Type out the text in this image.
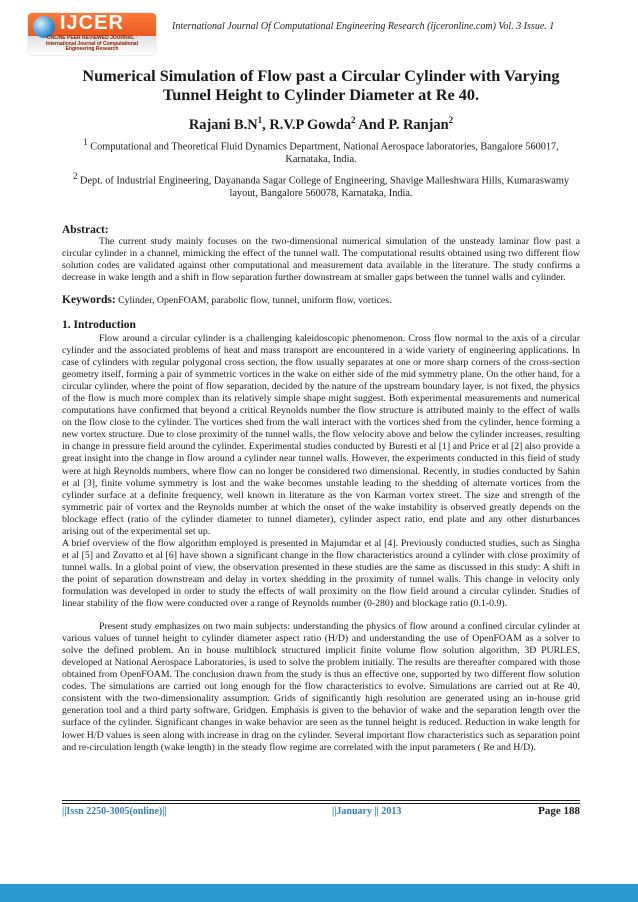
IJCER
ONLINE PEER REVIEWED JOURNAL · International Journal of Computational Engineering Research
International Journal Of Computational Engineering Research (ijceronline.com) Vol. 3 Issue. 1
Numerical Simulation of Flow past a Circular Cylinder with Varying Tunnel Height to Cylinder Diameter at Re 40.
Rajani $B.N^1$, R.V.P Gowda$^2$ And P. Ranjan$^2$
$^1$ Computational and Theoretical Fluid Dynamics Department, National Aerospace laboratories, Bangalore 560017, Karnataka, India.
$^2$ Dept. of Industrial Engineering, Dayananda Sagar College of Engineering, Shavige Malleshwara Hills, Kumaraswamy layout, Bangalore 560078, Karnataka, India.
Abstract:

The current study mainly focuses on the two-dimensional numerical simulation of the unsteady laminar flow past a circular cylinder in a channel, mimicking the effect of the tunnel wall. The computational results obtained using two different flow solution codes are validated against other computational and measurement data available in the literature. The study confirms a decrease in wake length and a shift in flow separation further downstream at smaller gaps between the tunnel walls and cylinder.

Keywords: Cylinder, OpenFOAM, parabolic flow, tunnel, uniform flow, vortices.
1. Introduction

Flow around a circular cylinder is a challenging kaleidoscopic phenomenon. Cross flow normal to the axis of a circular cylinder and the associated problems of heat and mass transport are encountered in a wide variety of engineering applications. In case of cylinders with regular polygonal cross section, the flow usually separates at one or more sharp corners of the cross-section geometry itself, forming a pair of symmetric vortices in the wake on either side of the mid symmetry plane. On the other hand, for a circular cylinder, where the point of flow separation, decided by the nature of the upstream boundary layer, is not fixed, the physics of the flow is much more complex than its relatively simple shape might suggest. Both experimental measurements and numerical computations have confirmed that beyond a critical Reynolds number the flow structure is attributed mainly to the effect of walls on the flow close to the cylinder. The vortices shed from the wall interact with the vortices shed from the cylinder, hence forming a new vortex structure. Due to close proximity of the tunnel walls, the flow velocity above and below the cylinder increases, resulting in change in pressure field around the cylinder. Experimental studies conducted by Buresti et al [1] and Price et al [2] also provide a great insight into the change in flow around a cylinder near tunnel walls. However, the experiments conducted in this field of study were at high Reynolds numbers, where flow can no longer be considered two dimensional. Recently, in studies conducted by Sahin et al [3], finite volume symmetry is lost and the wake becomes unstable leading to the shedding of alternate vortices from the cylinder surface at a definite frequency, well known in literature as the von Karman vortex street. The size and strength of the symmetric pair of vortex and the Reynolds number at which the onset of the wake instability is observed greatly depends on the blockage effect (ratio of the cylinder diameter to tunnel diameter), cylinder aspect ratio, end plate and any other disturbances arising out of the experimental set up.

A brief overview of the flow algorithm employed is presented in Majumdar et al [4]. Previously conducted studies, such as Singha et al [5] and Zovatto et al [6] have shown a significant change in the flow characteristics around a cylinder with close proximity of tunnel walls. In a global point of view, the observation presented in these studies are the same as discussed in this study: A shift in the point of separation downstream and delay in vortex shedding in the proximity of tunnel walls. This change in velocity only formulation was developed in order to study the effects of wall proximity on the flow field around a circular cylinder. Studies of linear stability of the flow were conducted over a range of Reynolds number (0-280) and blockage ratio (0.1-0.9).

Present study emphasizes on two main subjects: understanding the physics of flow around a confined circular cylinder at various values of tunnel height to cylinder diameter aspect ratio (H/D) and understanding the use of OpenFOAM as a solver to solve the defined problem. An in house multiblock structured implicit finite volume flow solution algorithm, 3D PURLES, developed at National Aerospace Laboratories, is used to solve the problem initially. The results are thereafter compared with those obtained from OpenFOAM. The conclusion drawn from the study is thus an effective one, supported by two different flow solution codes. The simulations are carried out long enough for the flow characteristics to evolve. Simulations are carried out at Re 40, consistent with the two-dimensionality assumption. Grids of significantly high resolution are generated using an in-house grid generation tool and a third party software, Gridgen. Emphasis is given to the behavior of wake and the separation length over the surface of the cylinder. Significant changes in wake behavior are seen as the tunnel height is reduced. Reduction in wake length for lower H/D values is seen along with increase in drag on the cylinder. Several important flow characteristics such as separation point and re-circulation length (wake length) in the steady flow regime are correlated with the input parameters ( Re and H/D).

||Issn 2250-3005(online)||	||January || 2013	Page 188
